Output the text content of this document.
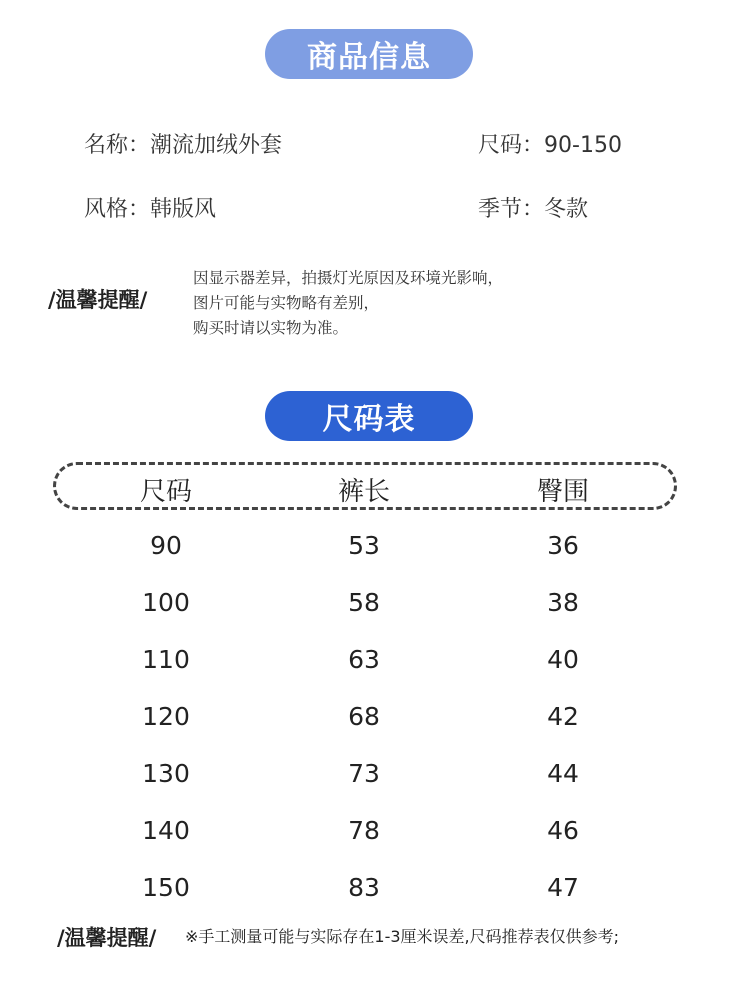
商品信息
名称：潮流加绒外套	尺码：90-150
风格：韩版风	季节：冬款
/温馨提醒/
因显示器差异，拍摄灯光原因及环境光影响，
图片可能与实物略有差别，
购买时请以实物为准。
尺码表
尺码	裤长	臀围
90	53	36
100	58	38
110	63	40
120	68	42
130	73	44
140	78	46
150	83	47
/温馨提醒/ ※手工测量可能与实际存在1-3厘米误差,尺码推荐表仅供参考;
